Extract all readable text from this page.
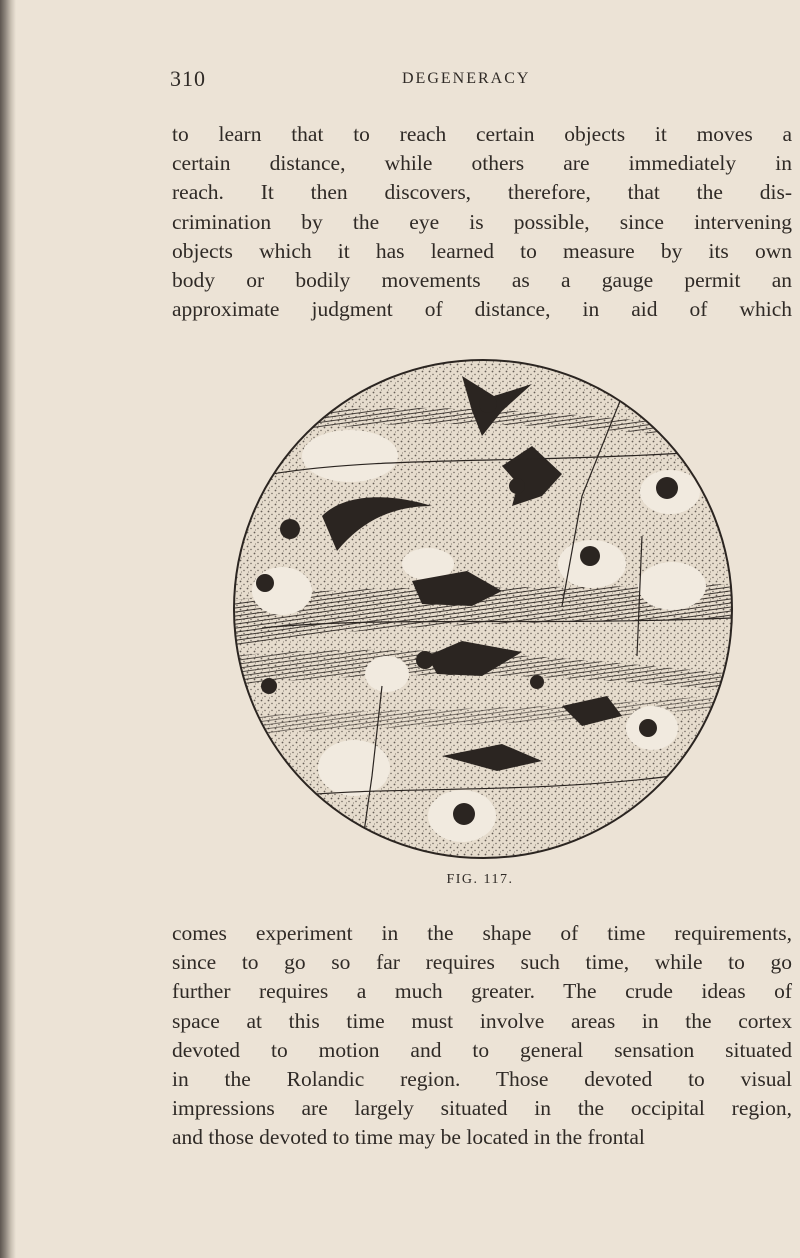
310	DEGENERACY
to learn that to reach certain objects it moves a
certain distance, while others are immediately in
reach. It then discovers, therefore, that the dis-
crimination by the eye is possible, since intervening
objects which it has learned to measure by its own
body or bodily movements as a gauge permit an
approximate judgment of distance, in aid of which
FIG. 117.
comes experiment in the shape of time requirements,
since to go so far requires such time, while to go
further requires a much greater. The crude ideas of
space at this time must involve areas in the cortex
devoted to motion and to general sensation situated
in the Rolandic region. Those devoted to visual
impressions are largely situated in the occipital region,
and those devoted to time may be located in the frontal
